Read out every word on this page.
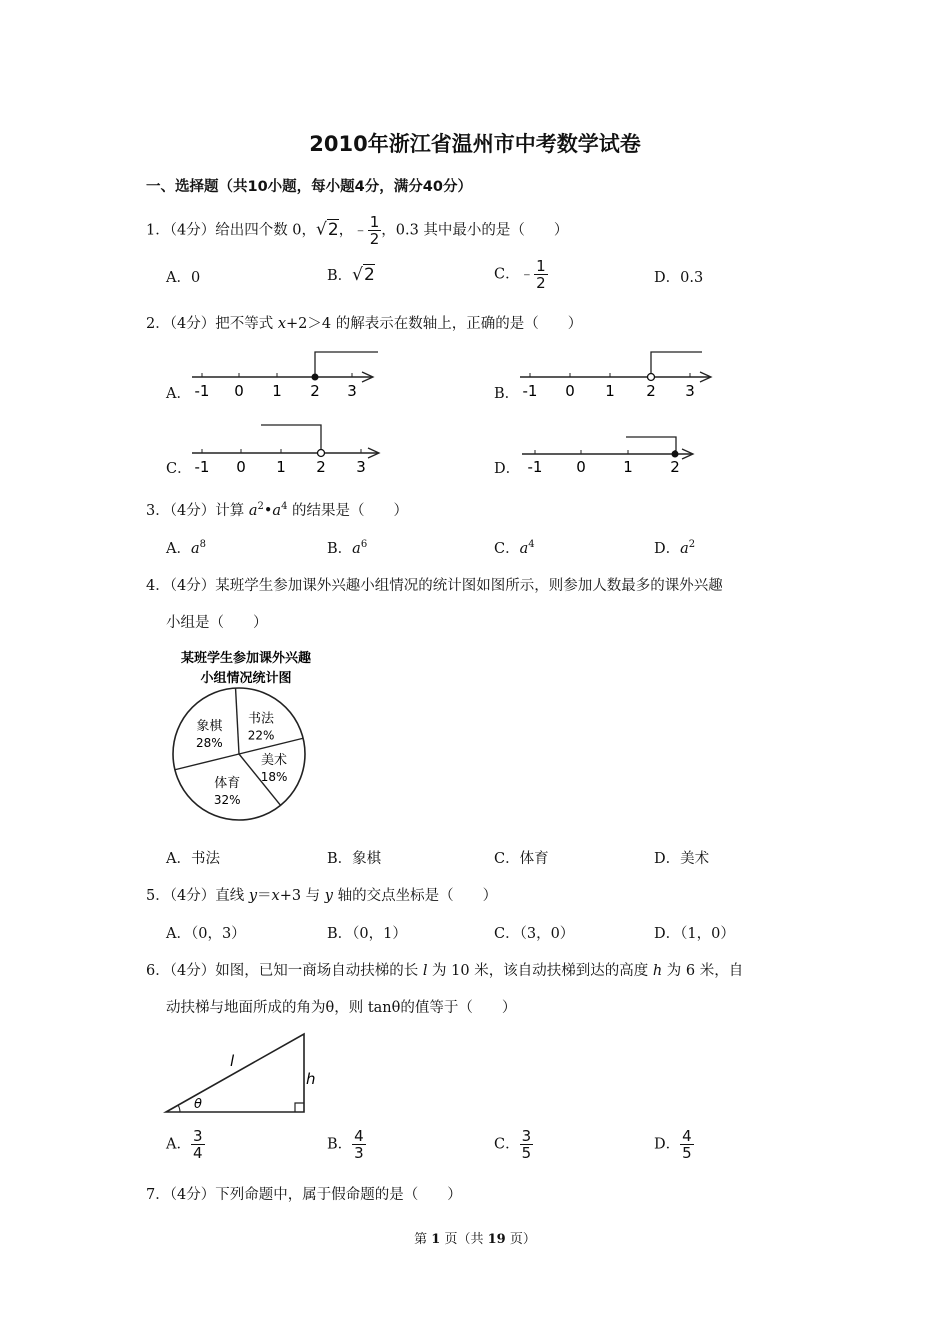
2010年浙江省温州市中考数学试卷
一、选择题（共10小题，每小题4分，满分40分）
1．（4分）给出四个数 0，√2，﹣ $\frac{1}{2}$ ，0.3 其中最小的是（　　）
A．0	B．√2	C．﹣ $\frac{1}{2}$	D．0.3
2．（4分）把不等式 x+2＞4 的解表示在数轴上，正确的是（　　）
A． -1 0 1 2 3	B． -1 0 1 2 3
C． -1 0 1 2 3	D． -1 0 1 2
3．（4分）计算 $a^2•a^4$ 的结果是（　　）
A．$a^8$	B．$a^6$	C．$a^4$	D．$a^2$
4．（4分）某班学生参加课外兴趣小组情况的统计图如图所示，则参加人数最多的课外兴趣
小组是（　　）
某班学生参加课外兴趣
小组情况统计图
书法
22%
美术
18%
体育
32%
象棋
28%
A．书法	B．象棋	C．体育	D．美术
5．（4分）直线 y＝x+3 与 y 轴的交点坐标是（　　）
A．（0，3）	B．（0，1）	C．（3，0）	D．（1，0）
6．（4分）如图，已知一商场自动扶梯的长 l 为 10 米，该自动扶梯到达的高度 h 为 6 米，自
动扶梯与地面所成的角为θ，则 tanθ的值等于（　　）
l
h
θ
A． $\frac{3}{4}$	B． $\frac{4}{3}$	C． $\frac{3}{5}$	D． $\frac{4}{5}$
7．（4分）下列命题中，属于假命题的是（　　）
第 1 页（共 19 页）
